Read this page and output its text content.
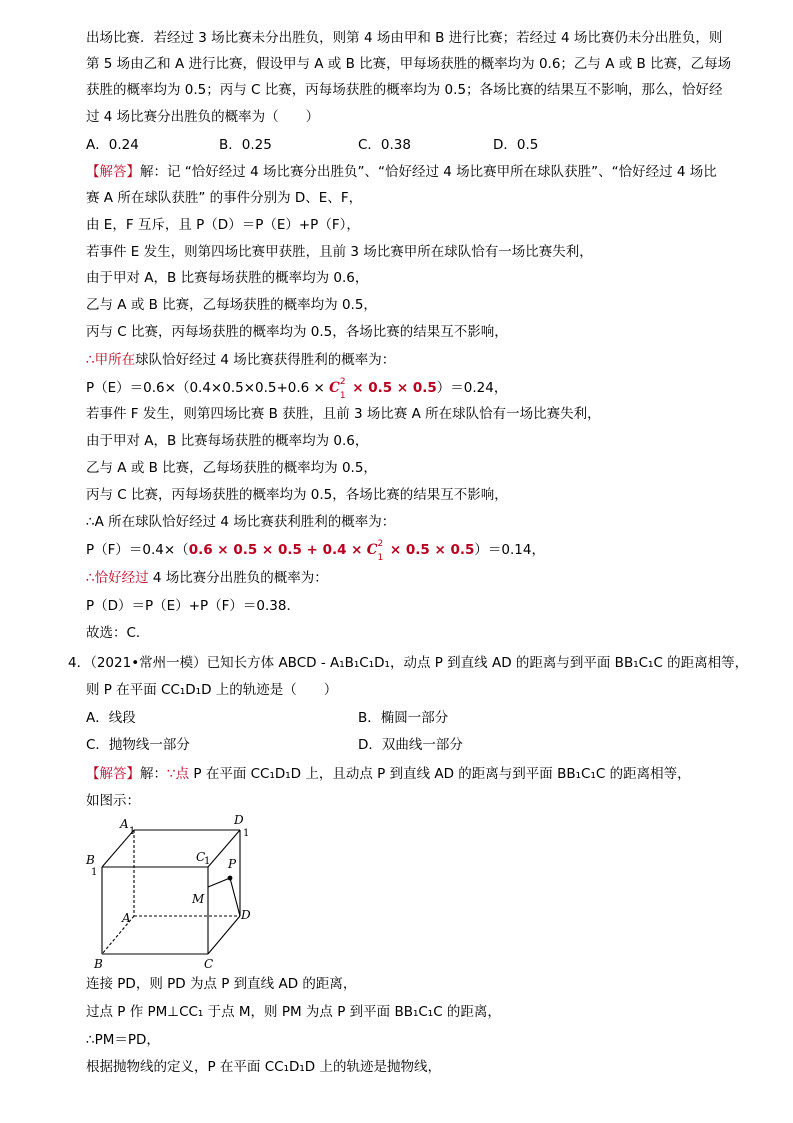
出场比赛．若经过 3 场比赛未分出胜负，则第 4 场由甲和 B 进行比赛；若经过 4 场比赛仍未分出胜负，则
第 5 场由乙和 A 进行比赛，假设甲与 A 或 B 比赛，甲每场获胜的概率均为 0.6；乙与 A 或 B 比赛，乙每场
获胜的概率均为 0.5；丙与 C 比赛，丙每场获胜的概率均为 0.5；各场比赛的结果互不影响，那么，恰好经
过 4 场比赛分出胜负的概率为（　　）
A．0.24	B．0.25	C．0.38	D．0.5
【解答】解：记 “恰好经过 4 场比赛分出胜负”、“恰好经过 4 场比赛甲所在球队获胜”、“恰好经过 4 场比
赛 A 所在球队获胜” 的事件分别为 D、E、F，
由 E，F 互斥，且 P（D）＝P（E）+P（F），
若事件 E 发生，则第四场比赛甲获胜，且前 3 场比赛甲所在球队恰有一场比赛失利，
由于甲对 A，B 比赛每场获胜的概率均为 0.6，
乙与 A 或 B 比赛，乙每场获胜的概率均为 0.5，
丙与 C 比赛，丙每场获胜的概率均为 0.5，各场比赛的结果互不影响，
∴甲所在球队恰好经过 4 场比赛获得胜利的概率为：
P（E）＝0.6×（0.4×0.5×0.5+0.6 × C 2
1 × 0.5 × 0.5）＝0.24，
若事件 F 发生，则第四场比赛 B 获胜，且前 3 场比赛 A 所在球队恰有一场比赛失利，
由于甲对 A，B 比赛每场获胜的概率均为 0.6，
乙与 A 或 B 比赛，乙每场获胜的概率均为 0.5，
丙与 C 比赛，丙每场获胜的概率均为 0.5，各场比赛的结果互不影响，
∴A 所在球队恰好经过 4 场比赛获利胜利的概率为：
P（F）＝0.4×（0.6 × 0.5 × 0.5 + 0.4 × C 2
1 × 0.5 × 0.5）＝0.14，
∴恰好经过 4 场比赛分出胜负的概率为：
P（D）＝P（E）+P（F）＝0.38．
故选：C．
4．（2021•常州一模）已知长方体 ABCD - A₁B₁C₁D₁，动点 P 到直线 AD 的距离与到平面 BB₁C₁C 的距离相等，
则 P 在平面 CC₁D₁D 上的轨迹是（　　）
A．线段	B．椭圆一部分
C．抛物线一部分	D．双曲线一部分
【解答】解：∵点 P 在平面 CC₁D₁D 上，且动点 P 到直线 AD 的距离与到平面 BB₁C₁C 的距离相等，
如图示：
A
1
D
1
B
1
C
1 P
M
A	D
B	C
连接 PD，则 PD 为点 P 到直线 AD 的距离，
过点 P 作 PM⊥CC₁ 于点 M，则 PM 为点 P 到平面 BB₁C₁C 的距离，
∴PM＝PD，
根据抛物线的定义，P 在平面 CC₁D₁D 上的轨迹是抛物线，
